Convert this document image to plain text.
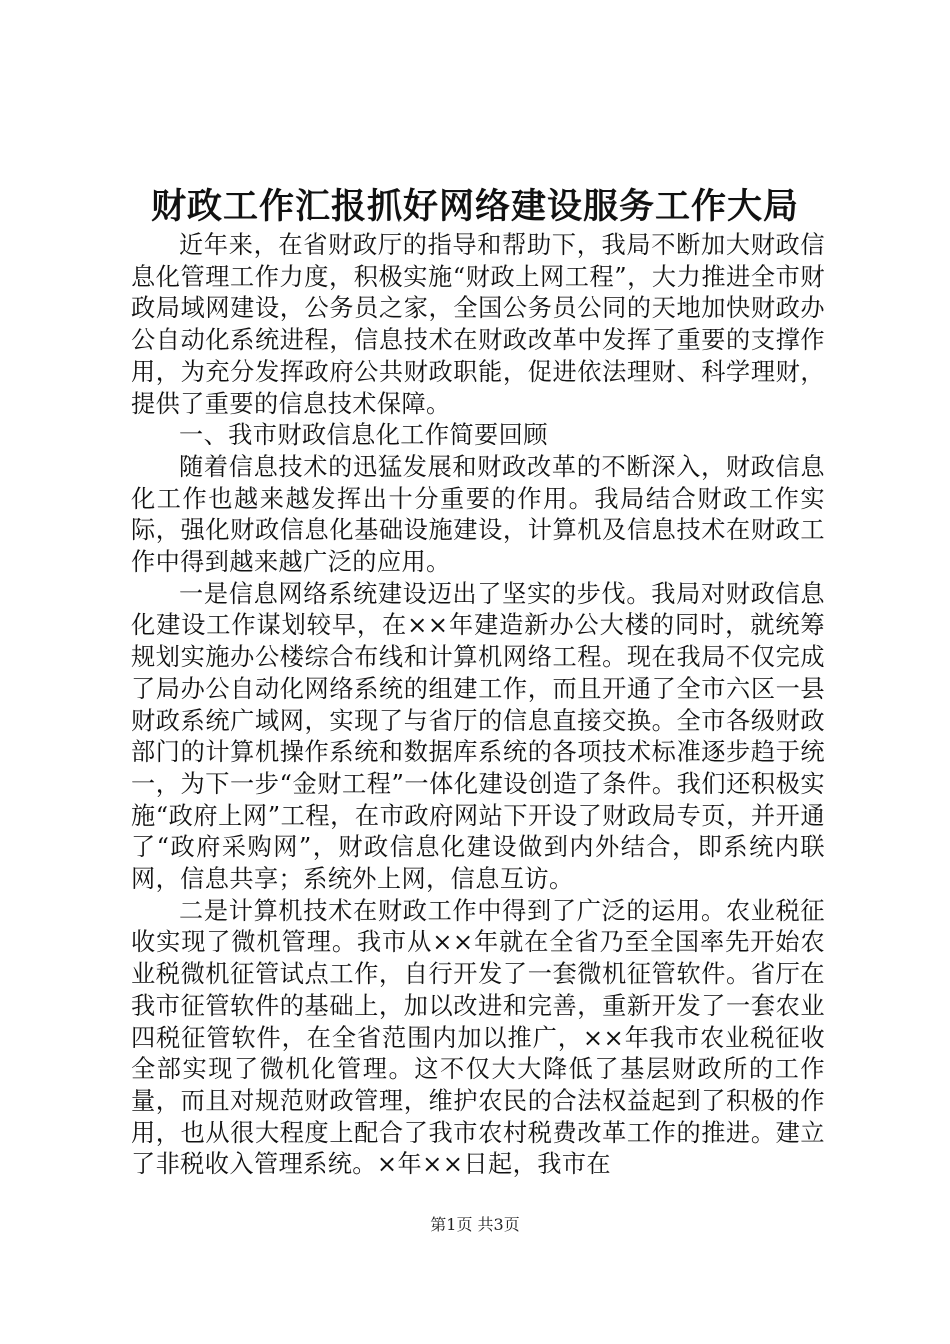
财政工作汇报抓好网络建设服务工作大局

近年来，在省财政厅的指导和帮助下，我局不断加大财政信息化管理工作力度，积极实施“财政上网工程”，大力推进全市财政局域网建设，公务员之家，全国公务员公同的天地加快财政办公自动化系统进程，信息技术在财政改革中发挥了重要的支撑作用，为充分发挥政府公共财政职能，促进依法理财、科学理财，提供了重要的信息技术保障。

一、我市财政信息化工作简要回顾

随着信息技术的迅猛发展和财政改革的不断深入，财政信息化工作也越来越发挥出十分重要的作用。我局结合财政工作实际，强化财政信息化基础设施建设，计算机及信息技术在财政工作中得到越来越广泛的应用。

一是信息网络系统建设迈出了坚实的步伐。我局对财政信息化建设工作谋划较早，在××年建造新办公大楼的同时，就统筹规划实施办公楼综合布线和计算机网络工程。现在我局不仅完成了局办公自动化网络系统的组建工作，而且开通了全市六区一县财政系统广域网，实现了与省厅的信息直接交换。全市各级财政部门的计算机操作系统和数据库系统的各项技术标准逐步趋于统一，为下一步“金财工程”一体化建设创造了条件。我们还积极实施“政府上网”工程，在市政府网站下开设了财政局专页，并开通了“政府采购网”，财政信息化建设做到内外结合，即系统内联网，信息共享；系统外上网，信息互访。

二是计算机技术在财政工作中得到了广泛的运用。农业税征收实现了微机管理。我市从××年就在全省乃至全国率先开始农业税微机征管试点工作，自行开发了一套微机征管软件。省厅在我市征管软件的基础上，加以改进和完善，重新开发了一套农业四税征管软件，在全省范围内加以推广，××年我市农业税征收全部实现了微机化管理。这不仅大大降低了基层财政所的工作量，而且对规范财政管理，维护农民的合法权益起到了积极的作用，也从很大程度上配合了我市农村税费改革工作的推进。建立了非税收入管理系统。×年××日起，我市在

第1页 共3页
